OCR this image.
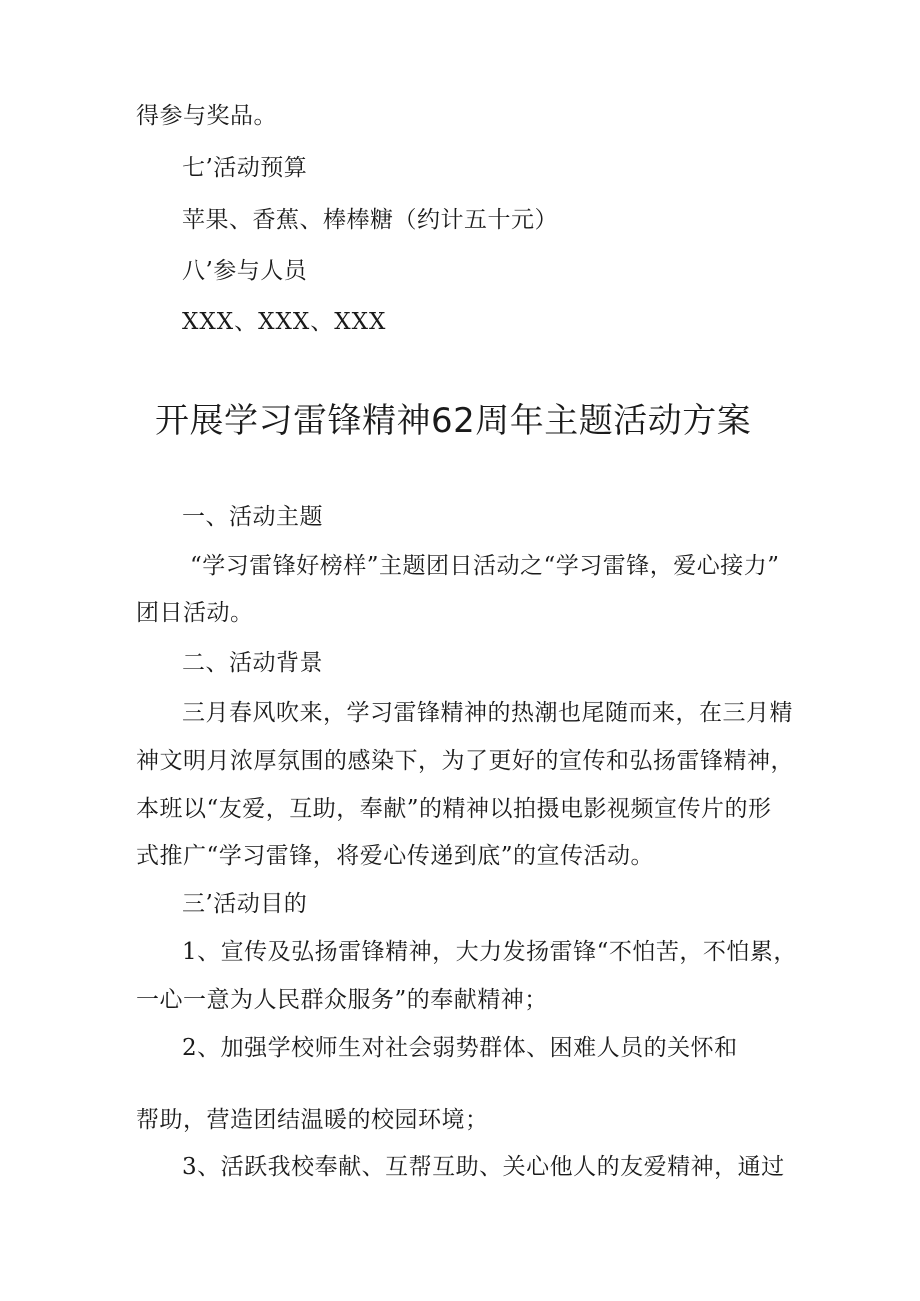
得参与奖品。

七’活动预算

苹果、香蕉、棒棒糖（约计五十元）

八’参与人员

XXX、XXX、XXX

开展学习雷锋精神62周年主题活动方案

一、活动主题

“学习雷锋好榜样”主题团日活动之“学习雷锋，爱心接力”

团日活动。

二、活动背景

三月春风吹来，学习雷锋精神的热潮也尾随而来，在三月精

神文明月浓厚氛围的感染下，为了更好的宣传和弘扬雷锋精神，

本班以“友爱，互助，奉献”的精神以拍摄电影视频宣传片的形

式推广“学习雷锋，将爱心传递到底”的宣传活动。

三’活动目的

1、宣传及弘扬雷锋精神，大力发扬雷锋“不怕苦，不怕累，

一心一意为人民群众服务”的奉献精神；

2、加强学校师生对社会弱势群体、困难人员的关怀和

帮助，营造团结温暖的校园环境；

3、活跃我校奉献、互帮互助、关心他人的友爱精神，通过
